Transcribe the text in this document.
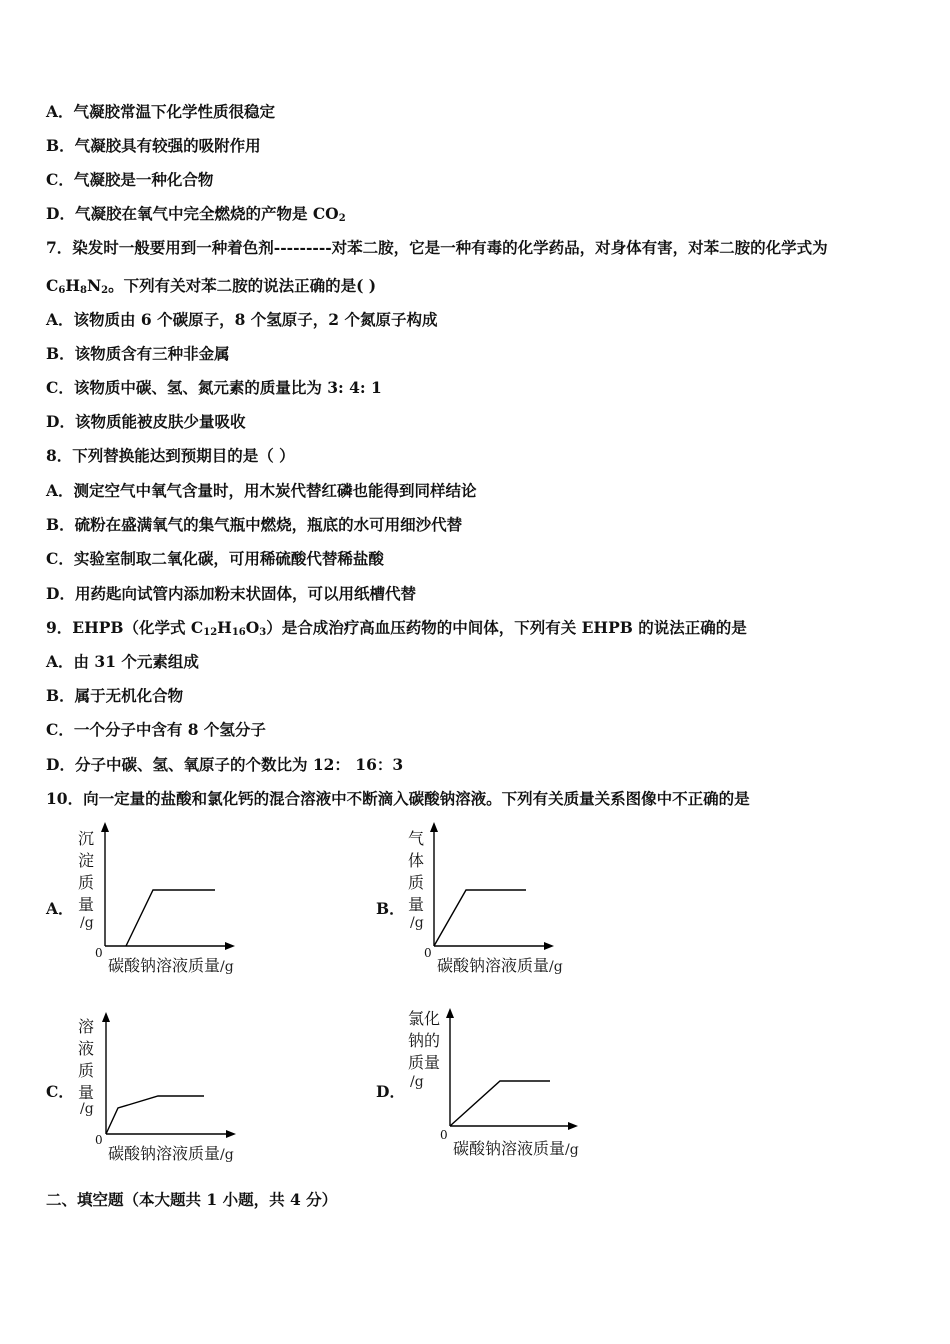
A．气凝胶常温下化学性质很稳定
B．气凝胶具有较强的吸附作用
C．气凝胶是一种化合物
D．气凝胶在氧气中完全燃烧的产物是 $CO_2$
7．染发时一般要用到一种着色剂---------对苯二胺，它是一种有毒的化学药品，对身体有害，对苯二胺的化学式为
$C_6H_8N_2$。下列有关对苯二胺的说法正确的是( )
A．该物质由 6 个碳原子，8 个氢原子，2 个氮原子构成
B．该物质含有三种非金属
C．该物质中碳、氢、氮元素的质量比为 3: 4: 1
D．该物质能被皮肤少量吸收
8．下列替换能达到预期目的是（ ）
A．测定空气中氧气含量时，用木炭代替红磷也能得到同样结论
B．硫粉在盛满氧气的集气瓶中燃烧，瓶底的水可用细沙代替
C．实验室制取二氧化碳，可用稀硫酸代替稀盐酸
D．用药匙向试管内添加粉末状固体，可以用纸槽代替
9．EHPB（化学式 $C_{12}H_{16}O_3$）是合成治疗高血压药物的中间体，下列有关 EHPB 的说法正确的是
A．由 31 个元素组成
B．属于无机化合物
C．一个分子中含有 8 个氢分子
D．分子中碳、氢、氧原子的个数比为 12： 16：3
10．向一定量的盐酸和氯化钙的混合溶液中不断滴入碳酸钠溶液。下列有关质量关系图像中不正确的是
A．
沉
淀
质
量
/g
0
碳酸钠溶液质量/g
B．
气
体
质
量
/g
0
碳酸钠溶液质量/g
C．
溶
液
质
量
/g
0
碳酸钠溶液质量/g
D．
氯化
钠的
质量
/g
0
碳酸钠溶液质量/g
二、填空题（本大题共 1 小题，共 4 分）
